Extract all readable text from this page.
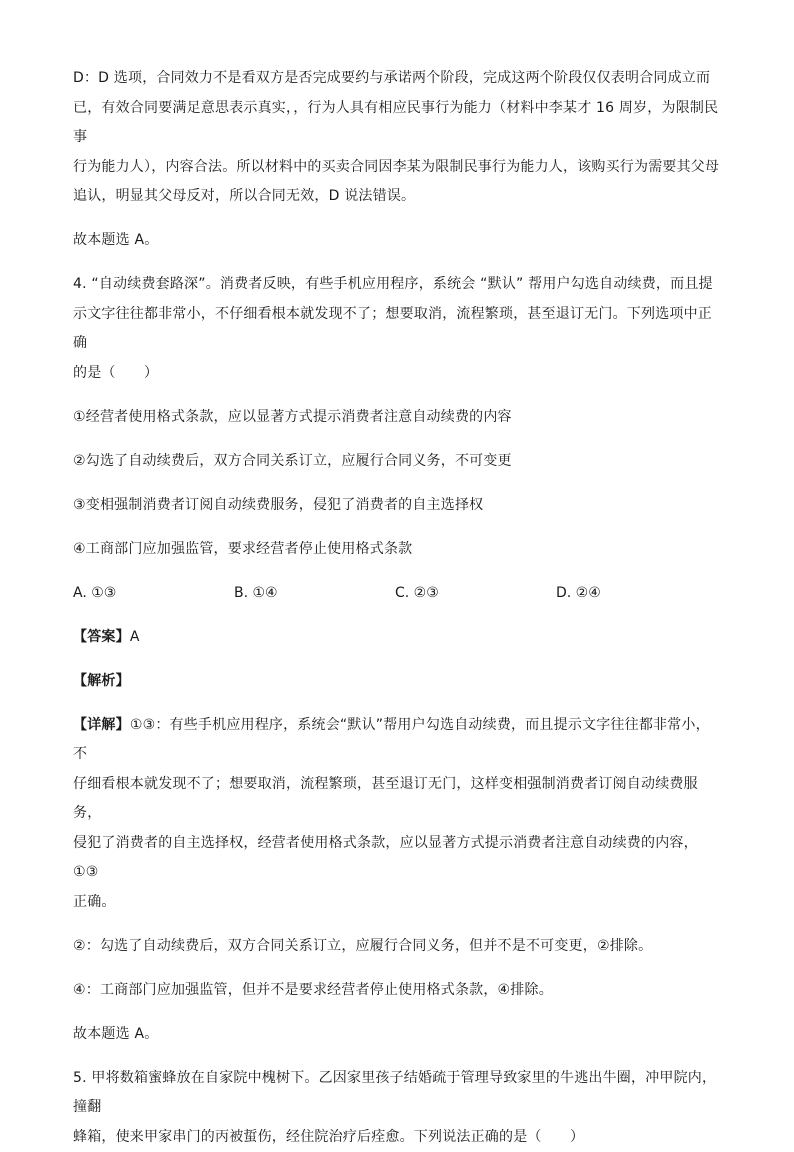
D：D 选项，合同效力不是看双方是否完成要约与承诺两个阶段，完成这两个阶段仅仅表明合同成立而

已，有效合同要满足意思表示真实，，行为人具有相应民事行为能力（材料中李某才 16 周岁，为限制民事

行为能力人），内容合法。所以材料中的买卖合同因李某为限制民事行为能力人，该购买行为需要其父母

追认，明显其父母反对，所以合同无效，D 说法错误。

故本题选 A。

4. “自动续费套路深”。消费者反映，有些手机应用程序，系统会 “默认” 帮用户勾选自动续费，而且提

示文字往往都非常小，不仔细看根本就发现不了；想要取消，流程繁琐，甚至退订无门。下列选项中正确

的是（　　）

①经营者使用格式条款，应以显著方式提示消费者注意自动续费的内容

②勾选了自动续费后，双方合同关系订立，应履行合同义务，不可变更

③变相强制消费者订阅自动续费服务，侵犯了消费者的自主选择权

④工商部门应加强监管，要求经营者停止使用格式条款

A. ①③	B. ①④	C. ②③	D. ②④

【答案】A

【解析】

【详解】①③：有些手机应用程序，系统会“默认”帮用户勾选自动续费，而且提示文字往往都非常小，不

仔细看根本就发现不了；想要取消，流程繁琐，甚至退订无门，这样变相强制消费者订阅自动续费服务，

侵犯了消费者的自主选择权，经营者使用格式条款，应以显著方式提示消费者注意自动续费的内容，①③

正确。

②：勾选了自动续费后，双方合同关系订立，应履行合同义务，但并不是不可变更，②排除。

④：工商部门应加强监管，但并不是要求经营者停止使用格式条款，④排除。

故本题选 A。

5. 甲将数箱蜜蜂放在自家院中槐树下。乙因家里孩子结婚疏于管理导致家里的牛逃出牛圈，冲甲院内，撞翻

蜂箱，使来甲家串门的丙被蜇伤，经住院治疗后痊愈。下列说法正确的是（　　）
